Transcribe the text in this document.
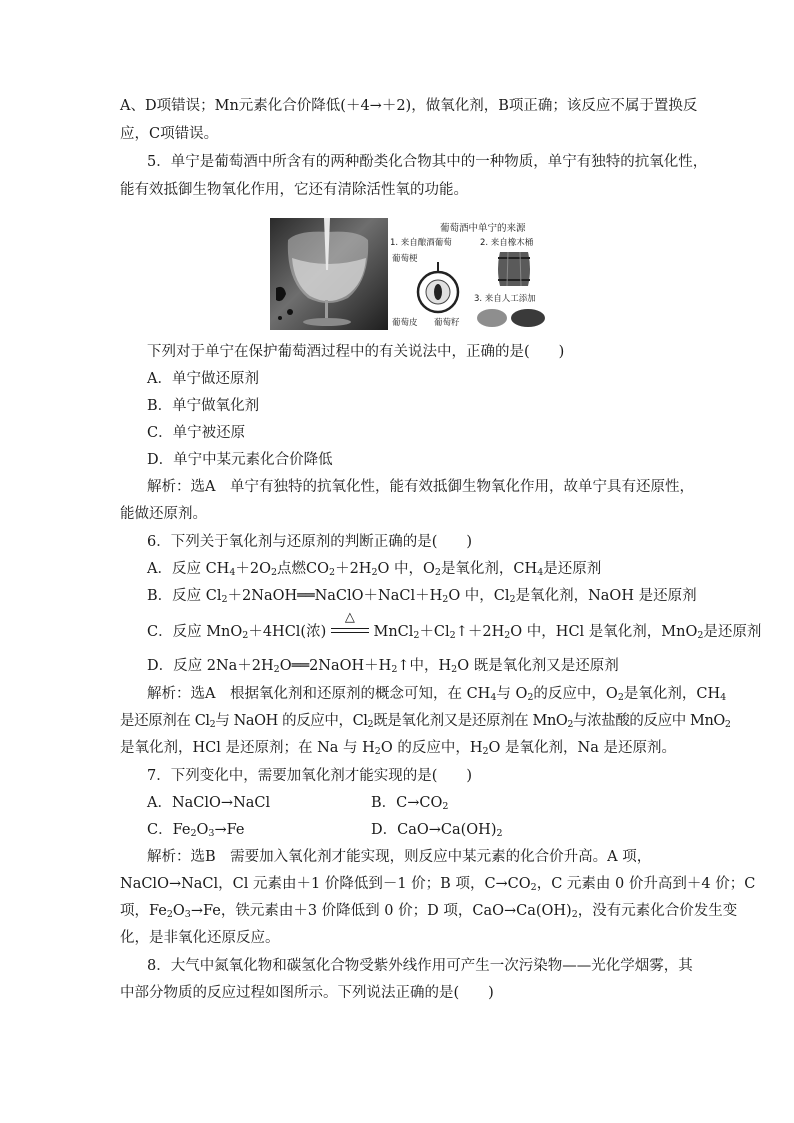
A、D项错误；Mn元素化合价降低(＋4→＋2)，做氧化剂，B项正确；该反应不属于置换反
应，C项错误。
5．单宁是葡萄酒中所含有的两种酚类化合物其中的一种物质，单宁有独特的抗氧化性，
能有效抵御生物氧化作用，它还有清除活性氧的功能。
葡萄酒中单宁的来源
1. 来自酿酒葡萄	2. 来自橡木桶
葡萄梗
葡萄皮 葡萄籽
3. 来自人工添加
下列对于单宁在保护葡萄酒过程中的有关说法中，正确的是(　　)
A．单宁做还原剂
B．单宁做氧化剂
C．单宁被还原
D．单宁中某元素化合价降低
解析：选A　单宁有独特的抗氧化性，能有效抵御生物氧化作用，故单宁具有还原性，
能做还原剂。
6．下列关于氧化剂与还原剂的判断正确的是(　　)
A．反应 $CH_4+2O_2$点燃$CO_2+2H_2O$ 中，$O_2$是氧化剂，$CH_4$是还原剂
B．反应 $Cl_2+2NaOH══NaClO+NaCl+H_2O$ 中，$Cl_2$是氧化剂，NaOH 是还原剂
C．反应 MnO$_2$＋4HCl(浓)
△
$MnCl_2+Cl_2↑+2H_2O$ 中，HCl 是氧化剂，MnO$_2$是还原剂
D．反应 $2Na+2H_2O══2NaOH+H_2↑$中，$H_2O$ 既是氧化剂又是还原剂
解析：选A　根据氧化剂和还原剂的概念可知，在 $CH_4$与 $O_2$的反应中，$O_2$是氧化剂，$CH_4$
是还原剂在 $Cl_2$与 NaOH 的反应中，$Cl_2$既是氧化剂又是还原剂在 MnO$_2$与浓盐酸的反应中 MnO$_2$
是氧化剂，HCl 是还原剂；在 Na 与 $H_2O$ 的反应中，$H_2O$ 是氧化剂，Na 是还原剂。
7．下列变化中，需要加氧化剂才能实现的是(　　)
A．NaClO→NaCl	B．$C\to CO_2$
C．$Fe_2O_3\to Fe$	D．$CaO\to Ca(OH)_2$
解析：选B　需要加入氧化剂才能实现，则反应中某元素的化合价升高。A 项，
NaClO→NaCl，Cl 元素由＋1 价降低到－1 价；B 项，$C\to CO_2$，C 元素由 0 价升高到＋4 价；C
项，$Fe_2O_3\to Fe$，铁元素由＋3 价降低到 0 价；D 项，$CaO\to Ca(OH)_2$，没有元素化合价发生变
化，是非氧化还原反应。
8．大气中氮氧化物和碳氢化合物受紫外线作用可产生一次污染物——光化学烟雾，其
中部分物质的反应过程如图所示。下列说法正确的是(　　)
